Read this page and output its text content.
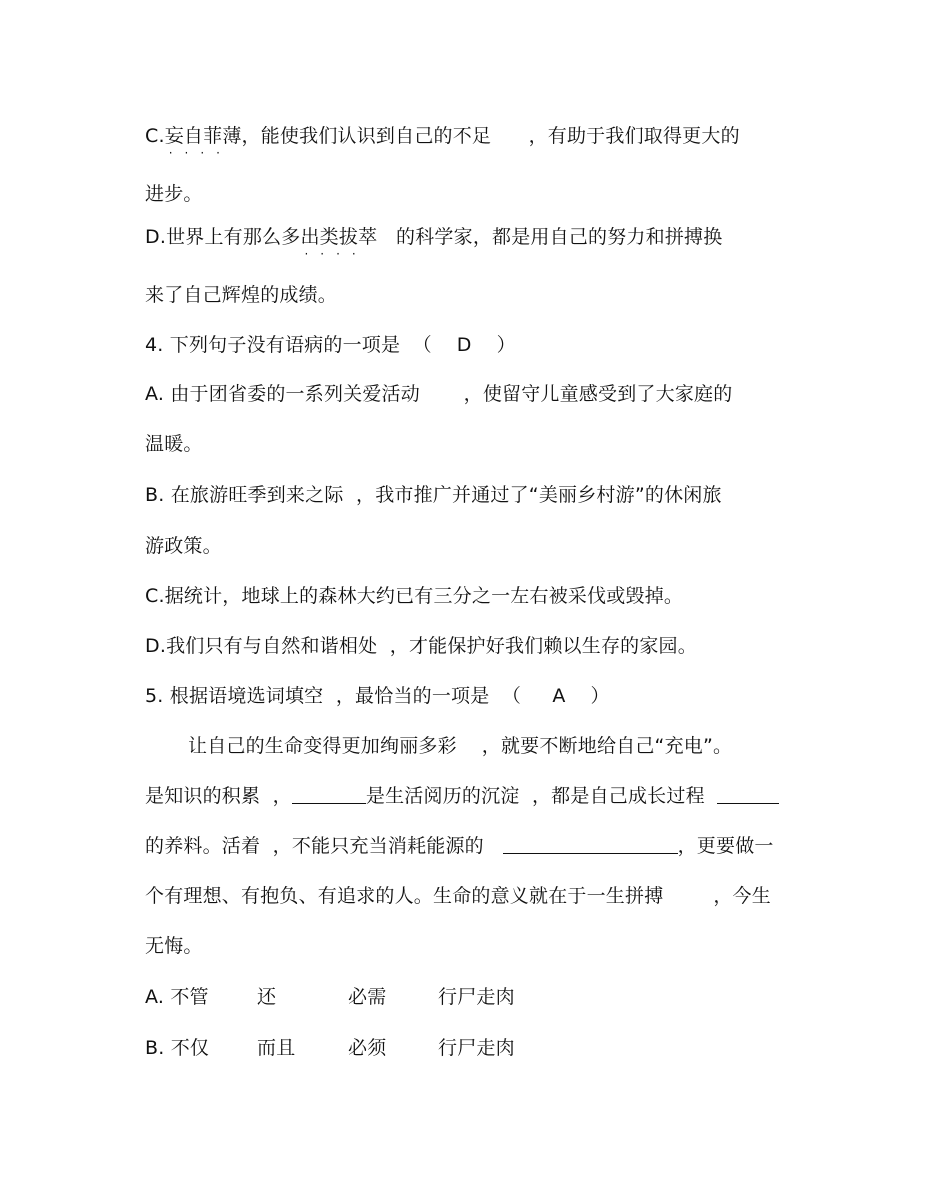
C.妄自菲薄
····
，能使我们认识到自己的不足      ，有助于我们取得更大的
进步。
D.世界上有那么多出类拔萃
····
的科学家，都是用自己的努力和拼搏换
来了自己辉煌的成绩。
4. 下列句子没有语病的一项是  （    D    ）
A. 由于团省委的一系列关爱活动       ，使留守儿童感受到了大家庭的
温暖。
B. 在旅游旺季到来之际  ，我市推广并通过了“美丽乡村游”的休闲旅
游政策。
C.据统计，地球上的森林大约已有三分之一左右被采伐或毁掉。
D.我们只有与自然和谐相处  ，才能保护好我们赖以生存的家园。
5. 根据语境选词填空  ，最恰当的一项是  （     A    ）
让自己的生命变得更加绚丽多彩    ，就要不断地给自己“充电”。
是知识的积累  ，	是生活阅历的沉淀  ，都是自己成长过程
的养料。活着  ，不能只充当消耗能源的	，更要做一
个有理想、有抱负、有追求的人。生命的意义就在于一生拼搏        ，今生
无悔。
A. 不管	还	必需	行尸走肉
B. 不仅	而且	必须	行尸走肉
